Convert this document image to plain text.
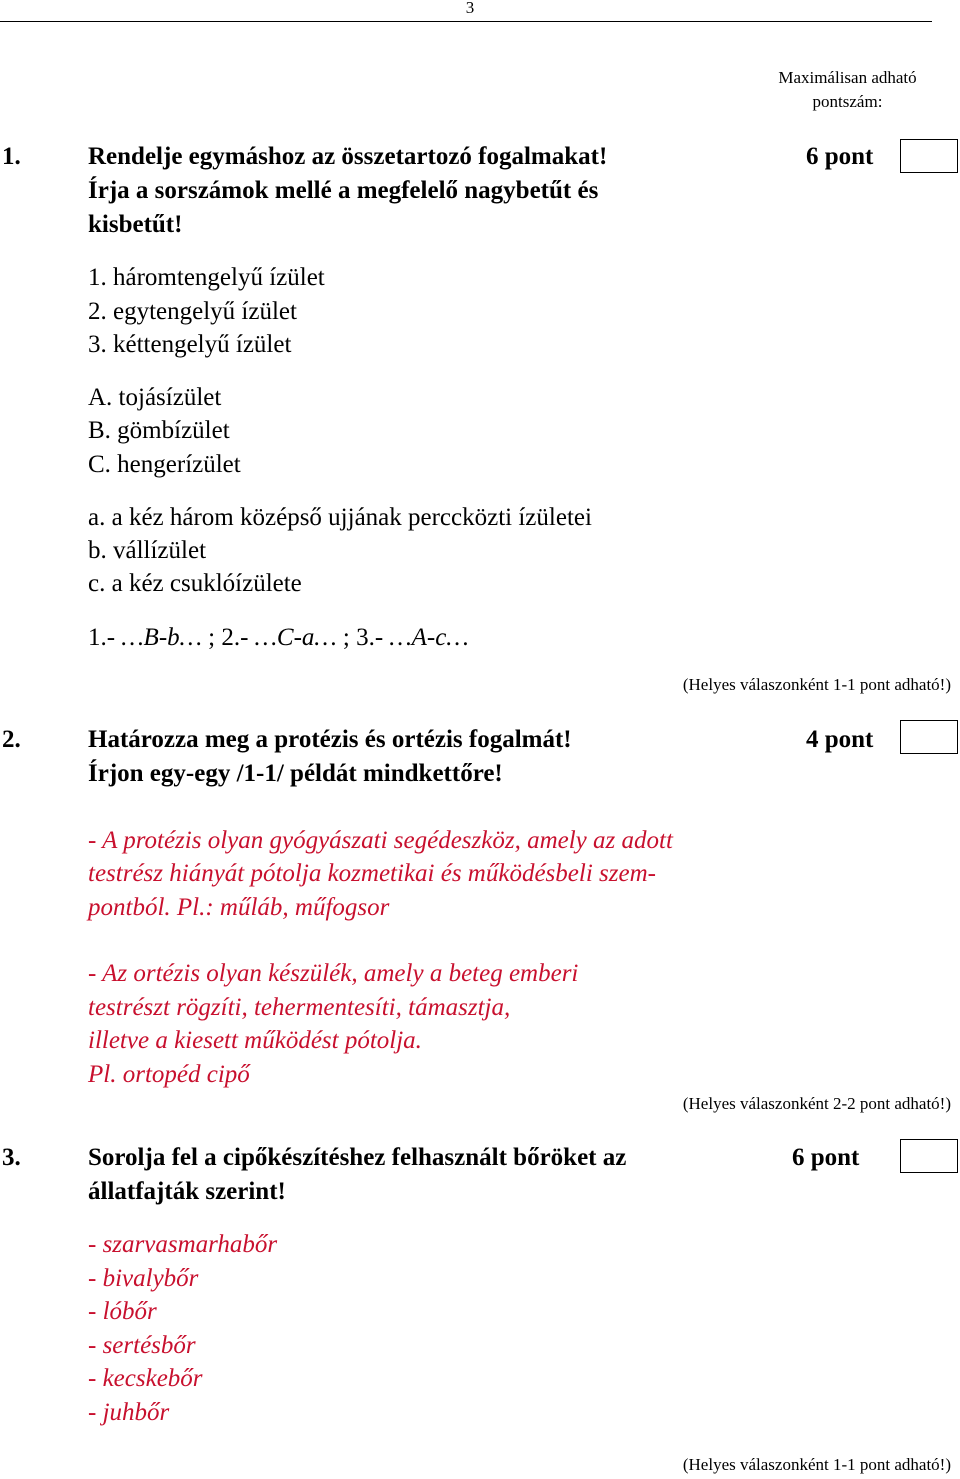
3
Maximálisan adható
pontszám:
1.	Rendelje egymáshoz az összetartozó fogalmakat!
Írja a sorszámok mellé a megfelelő nagybetűt és
kisbetűt!
6 pont
1. háromtengelyű ízület
2. egytengelyű ízület
3. kéttengelyű ízület
A. tojásízület
B. gömbízület
C. hengerízület
a. a kéz három középső ujjának perccközti ízületei
b. vállízület
c. a kéz csuklóízülete
1.- …B-b… ; 2.- …C-a… ; 3.- …A-c…
(Helyes válaszonként 1-1 pont adható!)
2.	Határozza meg a protézis és ortézis fogalmát!
Írjon egy-egy /1-1/ példát mindkettőre!
4 pont
- A protézis olyan gyógyászati segédeszköz, amely az adott
testrész hiányát pótolja kozmetikai és működésbeli szem-
pontból. Pl.: műláb, műfogsor
- Az ortézis olyan készülék, amely a beteg emberi
testrészt rögzíti, tehermentesíti, támasztja,
illetve a kiesett működést pótolja.
Pl. ortopéd cipő
(Helyes válaszonként 2-2 pont adható!)
3.	Sorolja fel a cipőkészítéshez felhasznált bőröket az
állatfajták szerint!
6 pont
- szarvasmarhabőr
- bivalybőr
- lóbőr
- sertésbőr
- kecskebőr
- juhbőr
(Helyes válaszonként 1-1 pont adható!)
